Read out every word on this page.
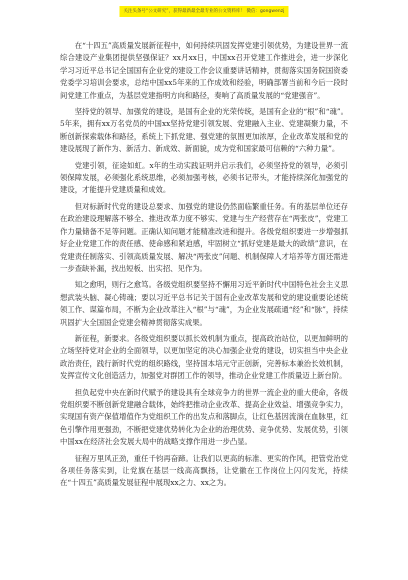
关注头条号“公文研究”，获得最新最全最专业的公文资料库！ 微信：gongwenzj

在“十四五”高质量发展新征程中，如何持续巩固发挥党建引领优势，为建设世界一流综合建设产业集团提供坚强保证？xx月xx日，中国xx召开党建工作推进会，进一步深化学习习近平总书记全国国有企业党的建设工作会议重要讲话精神，贯彻落实国务院国资委党委学习培训会要求，总结中国xx5年来的工作成效和经验，明确部署当前和今后一段时间党建工作重点，为基层党建指明方向和路径，奏响了高质量发展的“党建强音”。

坚持党的领导、加强党的建设，是国有企业的光荣传统，是国有企业的“根”和“魂”。5年来，拥有xx万名党员的中国xx坚持党建引领发展、党建融入主业、党建凝聚力量，不断创新探索载体和路径，系统上下抓党建、强党建的氛围更加浓厚，企业改革发展和党的建设展现了新作为、新活力、新成效、新面貌，成为党和国家最可信赖的“六种力量”。

党建引领，征途如虹。x年的生动实践证明并启示我们，必须坚持党的领导，必须引领保障发展，必须强化系统思维，必须加强考核，必须书记带头，才能持续深化加强党的建设，才能提升党建质量和成效。

但对标新时代党的建设总要求、加强党的建设仍然面临繁重任务。有的基层单位还存在政治建设理解落不够全、推进改革力度不够实、党建与生产经营存在“两张皮”，党建工作力量储备不足等问题。正确认知问题才能精准改进和提升。各级党组织要进一步增强抓好企业党建工作的责任感、使命感和紧迫感，牢固树立“抓好党建是最大的政绩”意识，在党建责任制落实、引领高质量发展、解决“两张皮”问题、机制保障人才培养等方面还需进一步查缺补漏，找出短板、出实招、见作为。

知之愈明，则行之愈笃。各级党组织要坚持不懈用习近平新时代中国特色社会主义思想武装头脑、凝心铸魂；要以习近平总书记关于国有企业改革发展和党的建设重要论述统领工作、谋篇布局，不断为企业改革注入“根”与“魂”，为企业发展疏通“经”和“脉”，持续巩固扩大全国国企党建会精神贯彻落实成果。

新征程，新要求。各级党组织要以抓长效机制为重点，提高政治站位，以更加鲜明的立场坚持党对企业的全面领导，以更加坚定的决心加强企业党的建设，切实担当中央企业政治责任，践行新时代党的组织路线，坚持国本培元守正创新，完善标本兼治长效机制，发挥宣传文化创造活力，加强党对群团工作的领导，推动企业党建工作质量迈上新台阶。

担负起党中央在新时代赋予的建设具有全球竞争力的世界一流企业的重大使命，各级党组织要不断创新党建融合载体，始终把推动企业改革、提高企业效益、增强竞争实力，实现国有资产保值增值作为党组织工作的出发点和落脚点，让红色基因流淌在血脉里，红色引擎作用更强劲，不断把党建优势转化为企业的治理优势、竞争优势、发展优势，引领中国xx在经济社会发展大局中的战略支撑作用进一步凸显。

征程万里风正劲，重任千钧再奋蹄。让我们以更高的标准、更实的作风，把管党治党各项任务落实到，让党旗在基层一线高高飘扬，让党徽在工作岗位上闪闪发光，持续在“十四五”高质量发展征程中展现xx之力、xx之为。
